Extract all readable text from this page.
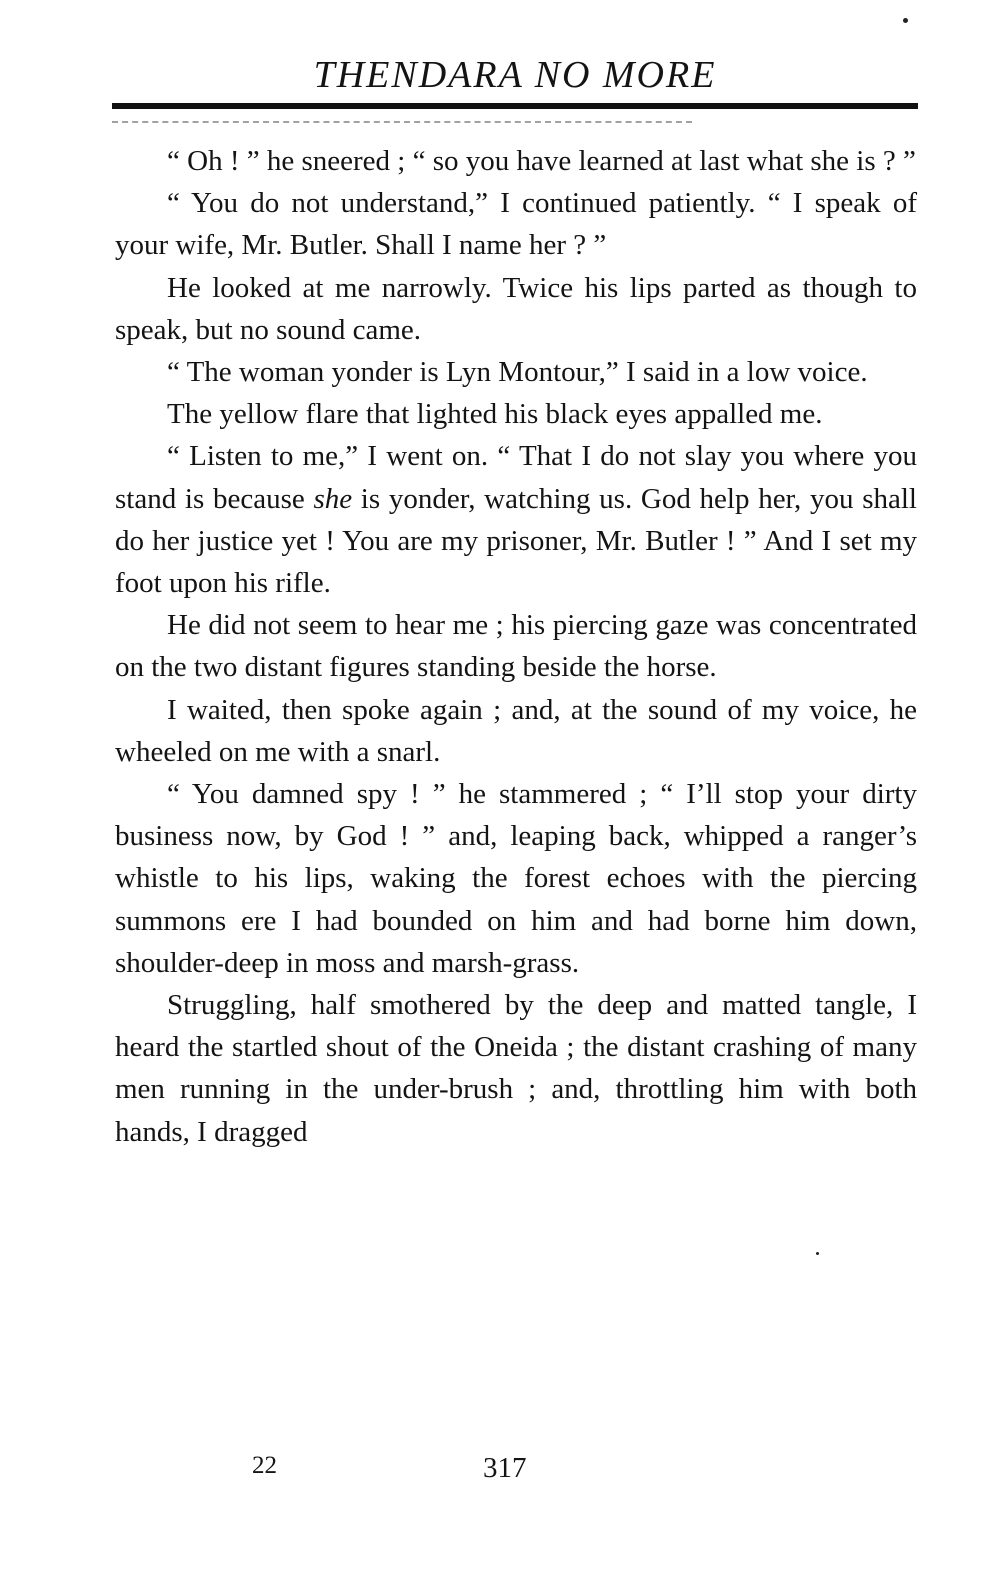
THENDARA NO MORE

“ Oh ! ” he sneered ; “ so you have learned at last what she is ? ”

“ You do not understand,” I continued patiently. “ I speak of your wife, Mr. Butler. Shall I name her ? ”

He looked at me narrowly. Twice his lips parted as though to speak, but no sound came.

“ The woman yonder is Lyn Montour,” I said in a low voice.

The yellow flare that lighted his black eyes appalled me.

“ Listen to me,” I went on. “ That I do not slay you where you stand is because she is yonder, watching us. God help her, you shall do her justice yet ! You are my prisoner, Mr. Butler ! ” And I set my foot upon his rifle.

He did not seem to hear me ; his piercing gaze was concentrated on the two distant figures standing beside the horse.

I waited, then spoke again ; and, at the sound of my voice, he wheeled on me with a snarl.

“ You damned spy ! ” he stammered ; “ I’ll stop your dirty business now, by God ! ” and, leaping back, whipped a ranger’s whistle to his lips, waking the forest echoes with the piercing summons ere I had bounded on him and had borne him down, shoulder-deep in moss and marsh-grass.

Struggling, half smothered by the deep and matted tangle, I heard the startled shout of the Oneida ; the distant crashing of many men running in the under-brush ; and, throttling him with both hands, I dragged

22	317
